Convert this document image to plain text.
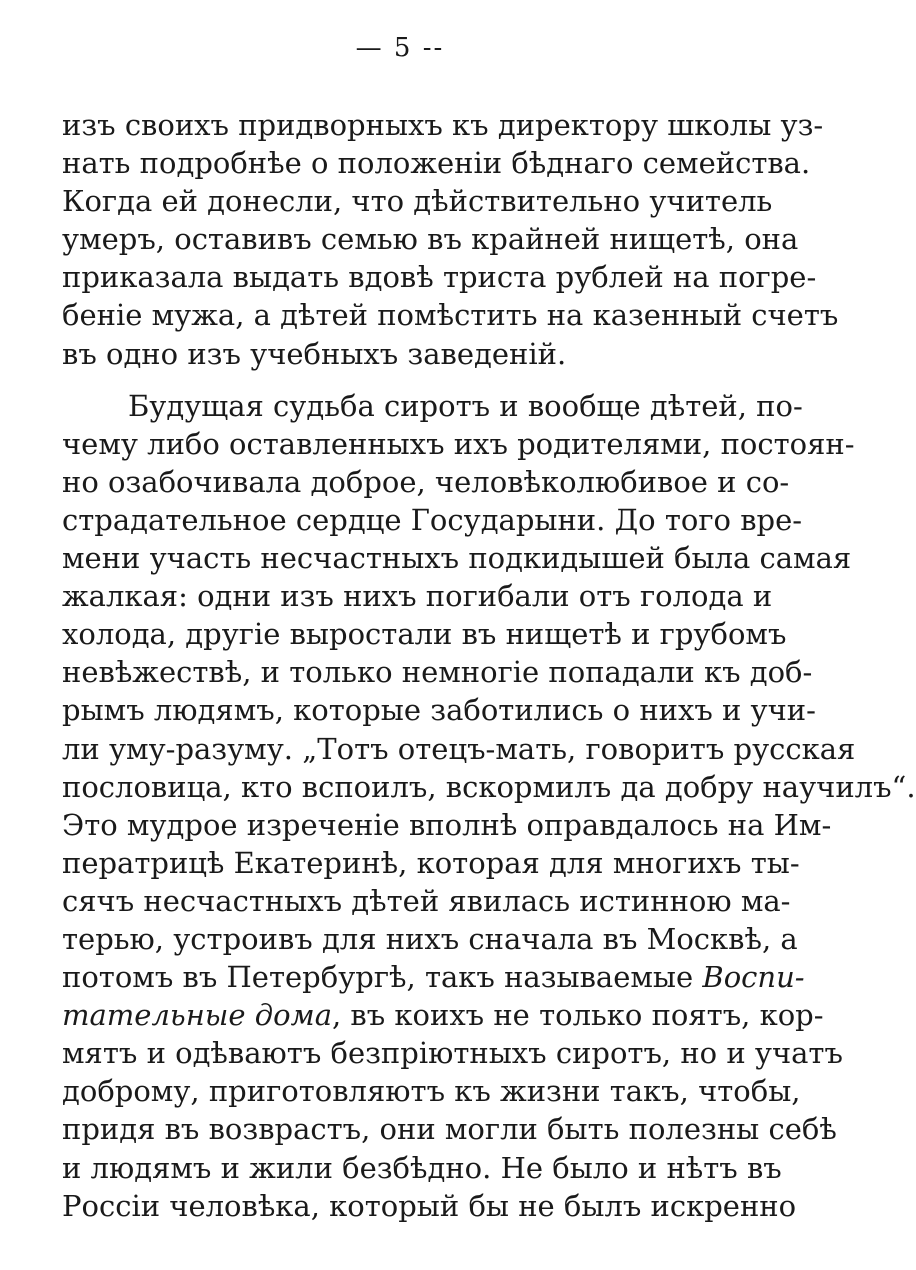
— 5 --
изъ своихъ придворныхъ къ директору школы уз-
нать подробнѣе о положенiи бѣднаго семейства.
Когда ей донесли, что дѣйствительно учитель
умеръ, оставивъ семью въ крайней нищетѣ, она
приказала выдать вдовѣ триста рублей на погре-
бенiе мужа, а дѣтей помѣстить на казенный счетъ
въ одно изъ учебныхъ заведенiй.
Будущая судьба сиротъ и вообще дѣтей, по-
чему либо оставленныхъ ихъ родителями, постоян-
но озабочивала доброе, человѣколюбивое и со-
страдательное сердце Государыни. До того вре-
мени участь несчастныхъ подкидышей была самая
жалкая: одни изъ нихъ погибали отъ голода и
холода, другiе выростали въ нищетѣ и грубомъ
невѣжествѣ, и только немногiе попадали къ доб-
рымъ людямъ, которые заботились о нихъ и учи-
ли уму-разуму. „Тотъ отецъ-мать, говоритъ русская
пословица, кто вспоилъ, вскормилъ да добру научилъ“.
Это мудрое изреченiе вполнѣ оправдалось на Им-
ператрицѣ Екатеринѣ, которая для многихъ ты-
сячъ несчастныхъ дѣтей явилась истинною ма-
терью, устроивъ для нихъ сначала въ Москвѣ, а
потомъ въ Петербургѣ, такъ называемые Воспи-
тательные дома, въ коихъ не только поятъ, кор-
мятъ и одѣваютъ безпрiютныхъ сиротъ, но и учатъ
доброму, приготовляютъ къ жизни такъ, чтобы,
придя въ возврастъ, они могли быть полезны себѣ
и людямъ и жили безбѣдно. Не было и нѣтъ въ
Россiи человѣка, который бы не былъ искренно
